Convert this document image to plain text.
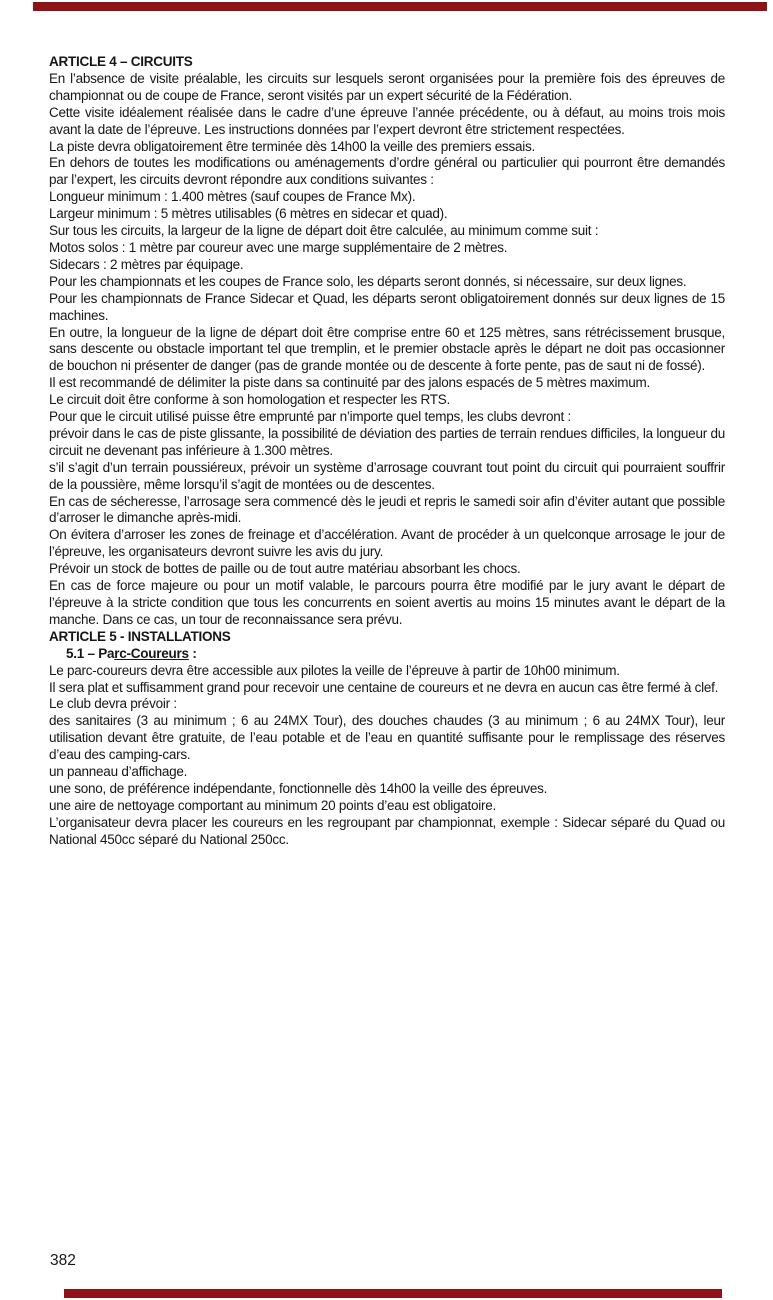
ARTICLE 4 – CIRCUITS

En l’absence de visite préalable, les circuits sur lesquels seront organisées pour la première fois des épreuves de championnat ou de coupe de France, seront visités par un expert sécurité de la Fédération.

Cette visite idéalement réalisée dans le cadre d’une épreuve l’année précédente, ou à défaut, au moins trois mois avant la date de l’épreuve. Les instructions données par l’expert devront être strictement respectées.

La piste devra obligatoirement être terminée dès 14h00 la veille des premiers essais.

En dehors de toutes les modifications ou aménagements d’ordre général ou particulier qui pourront être demandés par l’expert, les circuits devront répondre aux conditions suivantes :

Longueur minimum : 1.400 mètres (sauf coupes de France Mx).

Largeur minimum : 5 mètres utilisables (6 mètres en sidecar et quad).

Sur tous les circuits, la largeur de la ligne de départ doit être calculée, au minimum comme suit :

Motos solos : 1 mètre par coureur avec une marge supplémentaire de 2 mètres.

Sidecars : 2 mètres par équipage.

Pour les championnats et les coupes de France solo, les départs seront donnés, si nécessaire, sur deux lignes.

Pour les championnats de France Sidecar et Quad, les départs seront obligatoirement donnés sur deux lignes de 15 machines.

En outre, la longueur de la ligne de départ doit être comprise entre 60 et 125 mètres, sans rétrécissement brusque, sans descente ou obstacle important tel que tremplin, et le premier obstacle après le départ ne doit pas occasionner de bouchon ni présenter de danger (pas de grande montée ou de descente à forte pente, pas de saut ni de fossé).

Il est recommandé de délimiter la piste dans sa continuité par des jalons espacés de 5 mètres maximum.

Le circuit doit être conforme à son homologation et respecter les RTS.

Pour que le circuit utilisé puisse être emprunté par n’importe quel temps, les clubs devront :

prévoir dans le cas de piste glissante, la possibilité de déviation des parties de terrain rendues difficiles, la longueur du circuit ne devenant pas inférieure à 1.300 mètres.

s’il s’agit d’un terrain poussiéreux, prévoir un système d’arrosage couvrant tout point du circuit qui pourraient souffrir de la poussière, même lorsqu’il s’agit de montées ou de descentes.

En cas de sécheresse, l’arrosage sera commencé dès le jeudi et repris le samedi soir afin d’éviter autant que possible d’arroser le dimanche après-midi.

On évitera d’arroser les zones de freinage et d’accélération. Avant de procéder à un quelconque arrosage le jour de l’épreuve, les organisateurs devront suivre les avis du jury.

Prévoir un stock de bottes de paille ou de tout autre matériau absorbant les chocs.

En cas de force majeure ou pour un motif valable, le parcours pourra être modifié par le jury avant le départ de l’épreuve à la stricte condition que tous les concurrents en soient avertis au moins 15 minutes avant le départ de la manche. Dans ce cas, un tour de reconnaissance sera prévu.

ARTICLE 5 - INSTALLATIONS

5.1 – Parc-Coureurs :

Le parc-coureurs devra être accessible aux pilotes la veille de l’épreuve à partir de 10h00 minimum.

Il sera plat et suffisamment grand pour recevoir une centaine de coureurs et ne devra en aucun cas être fermé à clef.

Le club devra prévoir :

des sanitaires (3 au minimum ; 6 au 24MX Tour), des douches chaudes (3 au minimum ; 6 au 24MX Tour), leur utilisation devant être gratuite, de l’eau potable et de l’eau en quantité suffisante pour le remplissage des réserves d’eau des camping-cars.

un panneau d’affichage.

une sono, de préférence indépendante, fonctionnelle dès 14h00 la veille des épreuves.

une aire de nettoyage comportant au minimum 20 points d’eau est obligatoire.

L’organisateur devra placer les coureurs en les regroupant par championnat, exemple : Sidecar séparé du Quad ou National 450cc séparé du National 250cc.

382
